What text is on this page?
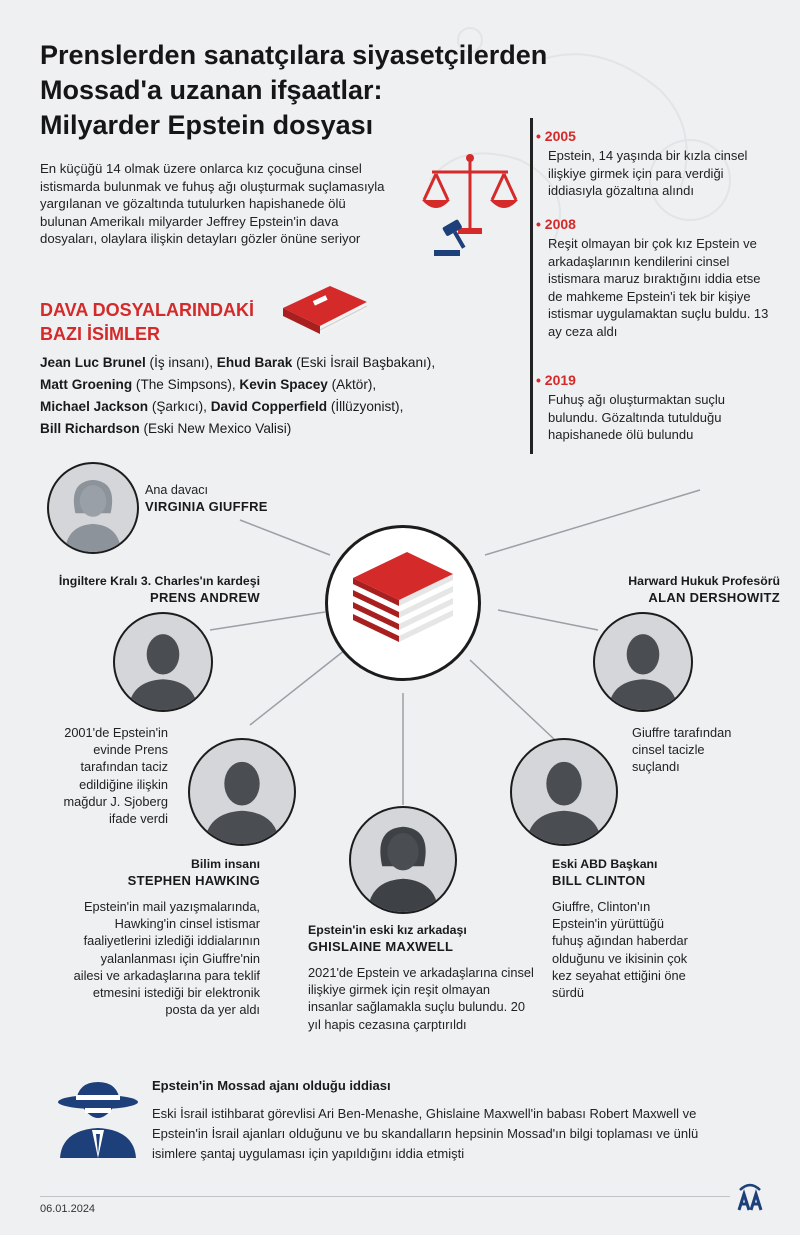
Prenslerden sanatçılara siyasetçilerden
Mossad'a uzanan ifşaatlar:
Milyarder Epstein dosyası
En küçüğü 14 olmak üzere onlarca kız çocuğuna cinsel istismarda bulunmak ve fuhuş ağı oluşturmak suçlamasıyla yargılanan ve gözaltında tutulurken hapishanede ölü bulunan Amerikalı milyarder Jeffrey Epstein'in dava dosyaları, olaylara ilişkin detayları gözler önüne seriyor
DAVA DOSYALARINDAKİ
BAZI İSİMLER
Jean Luc Brunel (İş insanı), Ehud Barak (Eski İsrail Başbakanı),
Matt Groening (The Simpsons), Kevin Spacey (Aktör),
Michael Jackson (Şarkıcı), David Copperfield (İllüzyonist),
Bill Richardson (Eski New Mexico Valisi)
• 2005
Epstein, 14 yaşında bir kızla cinsel ilişkiye girmek için para verdiği iddiasıyla gözaltına alındı
• 2008
Reşit olmayan bir çok kız Epstein ve arkadaşlarının kendilerini cinsel istismara maruz bıraktığını iddia etse de mahkeme Epstein'i tek bir kişiye istismar uygulamaktan suçlu buldu. 13 ay ceza aldı
• 2019
Fuhuş ağı oluşturmaktan suçlu bulundu. Gözaltında tutulduğu hapishanede ölü bulundu
Ana davacı
VIRGINIA GIUFFRE
İngiltere Kralı 3. Charles'ın kardeşi
PRENS ANDREW
2001'de Epstein'in evinde Prens tarafından taciz edildiğine ilişkin mağdur J. Sjoberg ifade verdi
Harward Hukuk Profesörü
ALAN DERSHOWITZ
Giuffre tarafından cinsel tacizle suçlandı
Bilim insanı
STEPHEN HAWKING
Epstein'in mail yazışmalarında, Hawking'in cinsel istismar faaliyetlerini izlediği iddialarının yalanlanması için Giuffre'nin ailesi ve arkadaşlarına para teklif etmesini istediği bir elektronik posta da yer aldı
Epstein'in eski kız arkadaşı
GHISLAINE MAXWELL
2021'de Epstein ve arkadaşlarına cinsel ilişkiye girmek için reşit olmayan insanlar sağlamakla suçlu bulundu. 20 yıl hapis cezasına çarptırıldı
Eski ABD Başkanı
BILL CLINTON
Giuffre, Clinton'ın Epstein'in yürüttüğü fuhuş ağından haberdar olduğunu ve ikisinin çok kez seyahat ettiğini öne sürdü
Epstein'in Mossad ajanı olduğu iddiası
Eski İsrail istihbarat görevlisi Ari Ben-Menashe, Ghislaine Maxwell'in babası Robert Maxwell ve Epstein'in İsrail ajanları olduğunu ve bu skandalların hepsinin Mossad'ın bilgi toplaması ve ünlü isimlere şantaj uygulaması için yapıldığını iddia etmişti
06.01.2024
